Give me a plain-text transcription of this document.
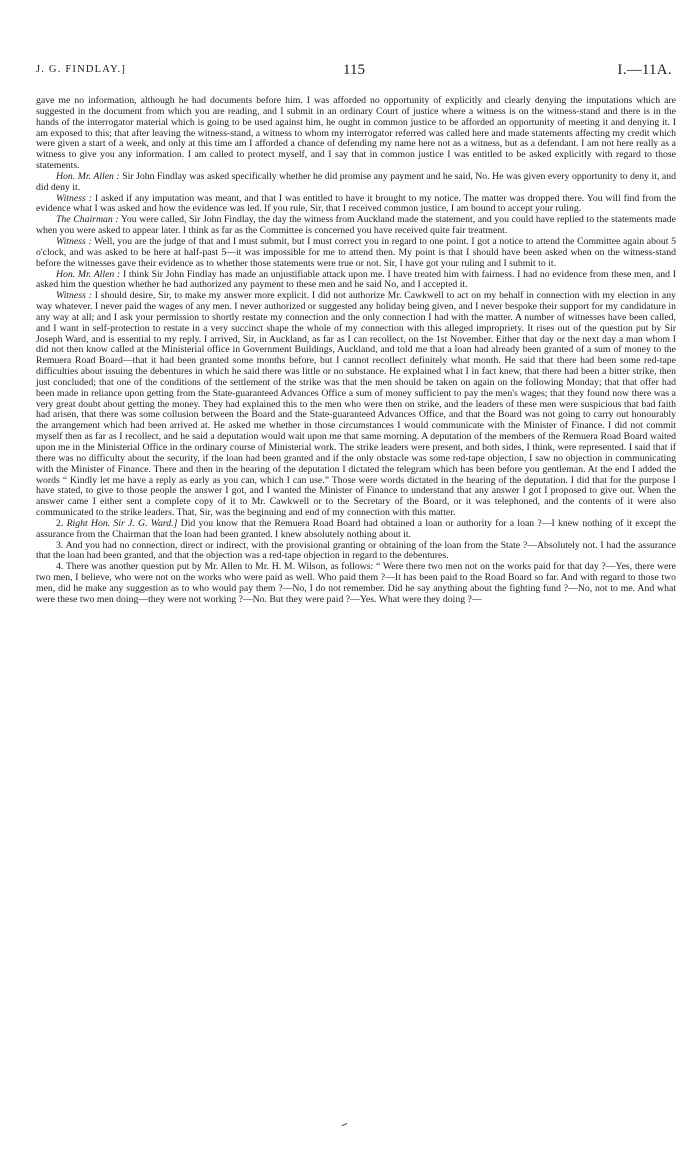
J. G. FINDLAY.]	115	I.—11A.

gave me no information, although he had documents before him. I was afforded no opportunity of explicitly and clearly denying the imputations which are suggested in the document from which you are reading, and I submit in an ordinary Court of justice where a witness is on the witness-stand and there is in the hands of the interrogator material which is going to be used against him, he ought in common justice to be afforded an opportunity of meeting it and denying it. I am exposed to this; that after leaving the witness-stand, a witness to whom my interrogator referred was called here and made statements affecting my credit which were given a start of a week, and only at this time am I afforded a chance of defending my name here not as a witness, but as a defendant. I am not here really as a witness to give you any information. I am called to protect myself, and I say that in common justice I was entitled to be asked explicitly with regard to those statements.

Hon. Mr. Allen : Sir John Findlay was asked specifically whether he did promise any payment and he said, No. He was given every opportunity to deny it, and did deny it.

Witness : I asked if any imputation was meant, and that I was entitled to have it brought to my notice. The matter was dropped there. You will find from the evidence what I was asked and how the evidence was led. If you rule, Sir, that I received common justice, I am bound to accept your ruling.

The Chairman : You were called, Sir John Findlay, the day the witness from Auckland made the statement, and you could have replied to the statements made when you were asked to appear later. I think as far as the Committee is concerned you have received quite fair treatment.

Witness : Well, you are the judge of that and I must submit, but I must correct you in regard to one point. I got a notice to attend the Committee again about 5 o'clock, and was asked to be here at half-past 5—it was impossible for me to attend then. My point is that I should have been asked when on the witness-stand before the witnesses gave their evidence as to whether those statements were true or not. Sir, I have got your ruling and I submit to it.

Hon. Mr. Allen : I think Sir John Findlay has made an unjustifiable attack upon me. I have treated him with fairness. I had no evidence from these men, and I asked him the question whether he had authorized any payment to these men and he said No, and I accepted it.

Witness : I should desire, Sir, to make my answer more explicit. I did not authorize Mr. Cawkwell to act on my behalf in connection with my election in any way whatever. I never paid the wages of any men. I never authorized or suggested any holiday being given, and I never bespoke their support for my candidature in any way at all; and I ask your permission to shortly restate my connection and the only connection I had with the matter. A number of witnesses have been called, and I want in self-protection to restate in a very succinct shape the whole of my connection with this alleged impropriety. It rises out of the question put by Sir Joseph Ward, and is essential to my reply. I arrived, Sir, in Auckland, as far as I can recollect, on the 1st November. Either that day or the next day a man whom I did not then know called at the Ministerial office in Government Buildings, Auckland, and told me that a loan had already been granted of a sum of money to the Remuera Road Board—that it had been granted some months before, but I cannot recollect definitely what month. He said that there had been some red-tape difficulties about issuing the debentures in which he said there was little or no substance. He explained what I in fact knew, that there had been a bitter strike, then just concluded; that one of the conditions of the settlement of the strike was that the men should be taken on again on the following Monday; that that offer had been made in reliance upon getting from the State-guaranteed Advances Office a sum of money sufficient to pay the men's wages; that they found now there was a very great doubt about getting the money. They had explained this to the men who were then on strike, and the leaders of these men were suspicious that bad faith had arisen, that there was some collusion between the Board and the State-guaranteed Advances Office, and that the Board was not going to carry out honourably the arrangement which had been arrived at. He asked me whether in those circumstances I would communicate with the Minister of Finance. I did not commit myself then as far as I recollect, and he said a deputation would wait upon me that same morning. A deputation of the members of the Remuera Road Board waited upon me in the Ministerial Office in the ordinary course of Ministerial work. The strike leaders were present, and both sides, I think, were represented. I said that if there was no difficulty about the security, if the loan had been granted and if the only obstacle was some red-tape objection, I saw no objection in communicating with the Minister of Finance. There and then in the hearing of the deputation I dictated the telegram which has been before you gentleman. At the end I added the words “ Kindly let me have a reply as early as you can, which I can use.” Those were words dictated in the hearing of the deputation. I did that for the purpose I have stated, to give to those people the answer I got, and I wanted the Minister of Finance to understand that any answer I got I proposed to give out. When the answer came I either sent a complete copy of it to Mr. Cawkwell or to the Secretary of the Board, or it was telephoned, and the contents of it were also communicated to the strike leaders. That, Sir, was the beginning and end of my connection with this matter.

2. Right Hon. Sir J. G. Ward.] Did you know that the Remuera Road Board had obtained a loan or authority for a loan ?—I knew nothing of it except the assurance from the Chairman that the loan had been granted. I knew absolutely nothing about it.

3. And you had no connection, direct or indirect, with the provisional granting or obtaining of the loan from the State ?—Absolutely not. I had the assurance that the loan had been granted, and that the objection was a red-tape objection in regard to the debentures.

4. There was another question put by Mr. Allen to Mr. H. M. Wilson, as follows: “ Were there two men not on the works paid for that day ?—Yes, there were two men, I believe, who were not on the works who were paid as well. Who paid them ?—It has been paid to the Road Board so far. And with regard to those two men, did he make any suggestion as to who would pay them ?—No, I do not remember. Did he say anything about the fighting fund ?—No, not to me. And what were these two men doing—they were not working ?—No. But they were paid ?—Yes. What were they doing ?—
